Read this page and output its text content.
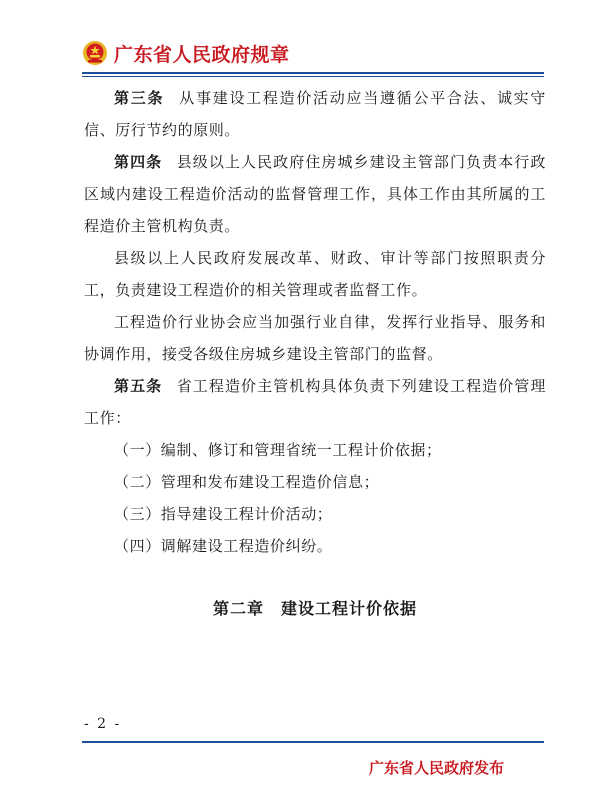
广东省人民政府规章

第三条 从事建设工程造价活动应当遵循公平合法、诚实守信、厉行节约的原则。

第四条 县级以上人民政府住房城乡建设主管部门负责本行政区域内建设工程造价活动的监督管理工作，具体工作由其所属的工程造价主管机构负责。

县级以上人民政府发展改革、财政、审计等部门按照职责分工，负责建设工程造价的相关管理或者监督工作。

工程造价行业协会应当加强行业自律，发挥行业指导、服务和协调作用，接受各级住房城乡建设主管部门的监督。

第五条 省工程造价主管机构具体负责下列建设工程造价管理工作：

（一）编制、修订和管理省统一工程计价依据；

（二）管理和发布建设工程造价信息；

（三）指导建设工程计价活动；

（四）调解建设工程造价纠纷。

第二章　建设工程计价依据
- 2 -
广东省人民政府发布
